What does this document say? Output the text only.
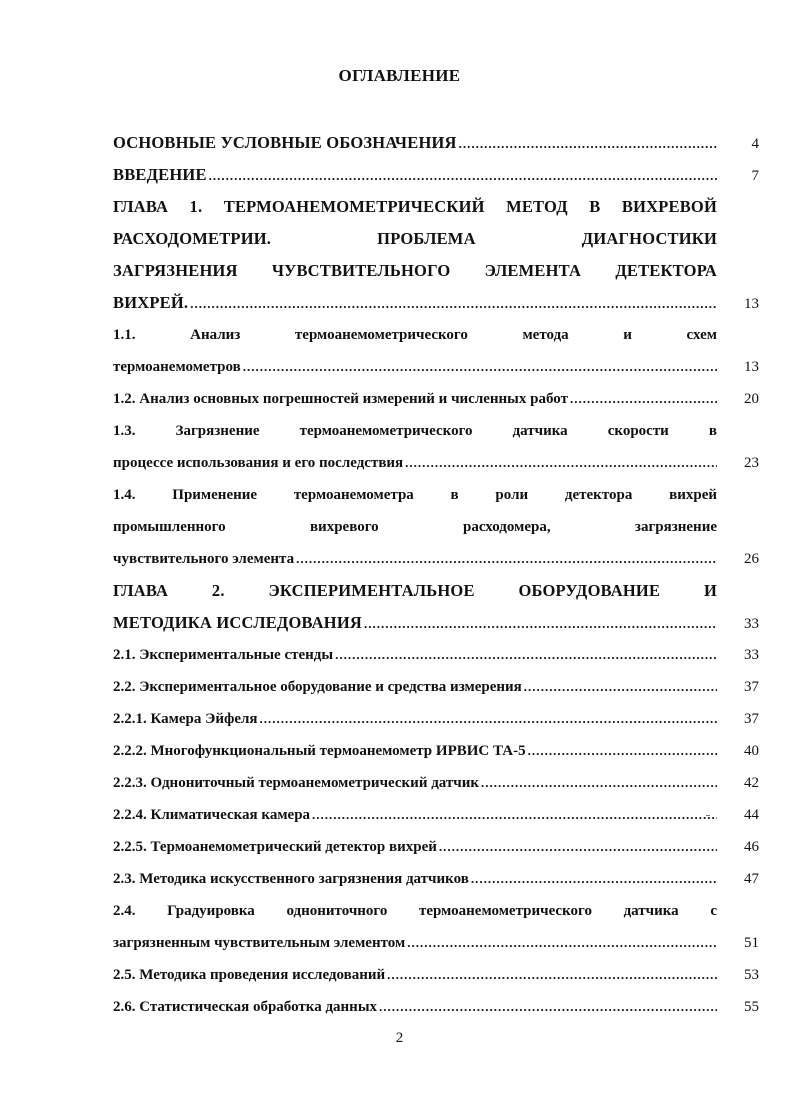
ОГЛАВЛЕНИЕ
ОСНОВНЫЕ УСЛОВНЫЕ ОБОЗНАЧЕНИЯ .....	4
ВВЕДЕНИЕ .....	7
ГЛАВА 1. ТЕРМОАНЕМОМЕТРИЧЕСКИЙ МЕТОД В ВИХРЕВОЙ
РАСХОДОМЕТРИИ. ПРОБЛЕМА ДИАГНОСТИКИ
ЗАГРЯЗНЕНИЯ ЧУВСТВИТЕЛЬНОГО ЭЛЕМЕНТА ДЕТЕКТОРА
ВИХРЕЙ. .....	13
1.1. Анализ термоанемометрического метода и схем
термоанемометров .....	13
1.2. Анализ основных погрешностей измерений и численных работ .....	20
1.3. Загрязнение термоанемометрического датчика скорости в
процессе использования и его последствия .....	23
1.4. Применение термоанемометра в роли детектора вихрей
промышленного вихревого расходомера, загрязнение
чувствительного элемента .....	26
ГЛАВА 2. ЭКСПЕРИМЕНТАЛЬНОЕ ОБОРУДОВАНИЕ И
МЕТОДИКА ИССЛЕДОВАНИЯ .....	33
2.1. Экспериментальные стенды .....	33
2.2. Экспериментальное оборудование и средства измерения .....	37
2.2.1. Камера Эйфеля .....	37
2.2.2. Многофункциональный термоанемометр ИРВИС ТА-5 .....	40
2.2.3. Однониточный термоанемометрический датчик .....	42
2.2.4. Климатическая камера .....	44
2.2.5. Термоанемометрический детектор вихрей .....	46
2.3. Методика искусственного загрязнения датчиков .....	47
2.4. Градуировка однониточного термоанемометрического датчика с
загрязненным чувствительным элементом .....	51
2.5. Методика проведения исследований .....	53
2.6. Статистическая обработка данных .....	55
2
